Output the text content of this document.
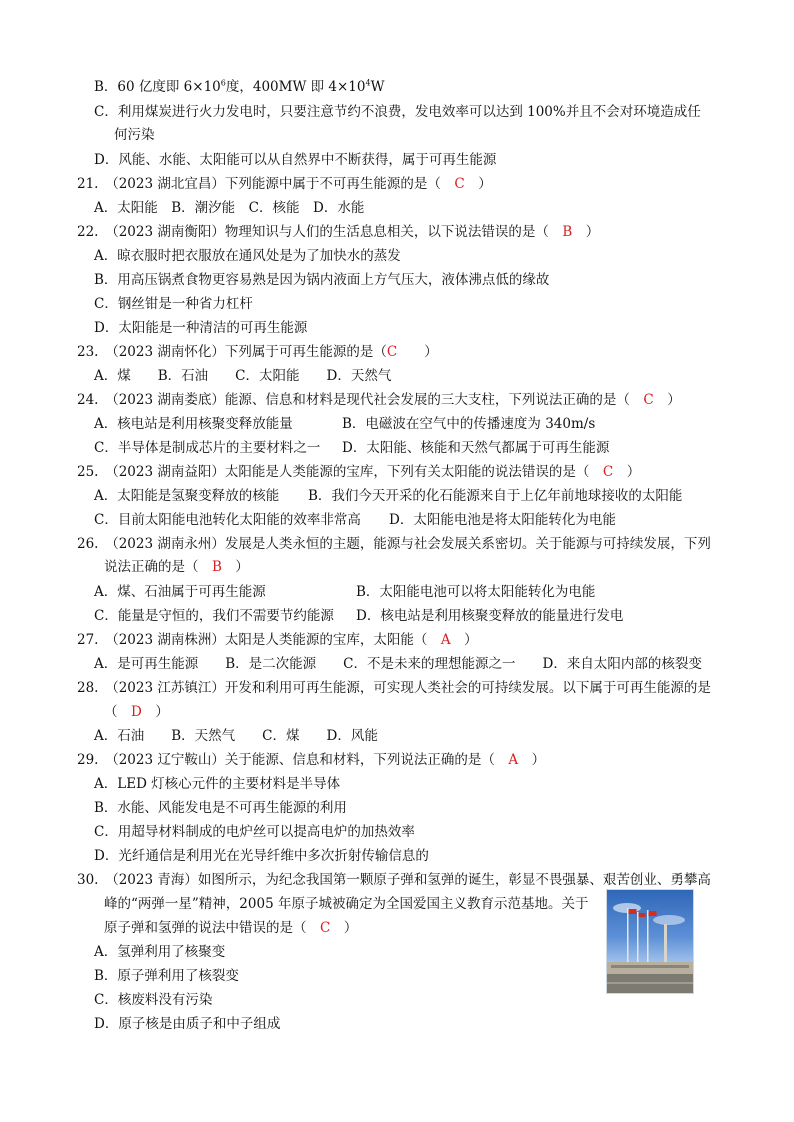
B．60 亿度即 $6\times 10^6$度，400MW 即 $4\times 10^4W$
C．利用煤炭进行火力发电时，只要注意节约不浪费，发电效率可以达到 100%并且不会对环境造成任
何污染
D．风能、水能、太阳能可以从自然界中不断获得，属于可再生能源
21.　（2023 湖北宜昌）下列能源中属于不可再生能源的是（　 C　 ）
A．太阳能　B．潮汐能　C．核能　D．水能
22.　（2023 湖南衡阳）物理知识与人们的生活息息相关，以下说法错误的是（　 B　 ）
A．晾衣服时把衣服放在通风处是为了加快水的蒸发
B．用高压锅煮食物更容易熟是因为锅内液面上方气压大，液体沸点低的缘故
C．钢丝钳是一种省力杠杆
D．太阳能是一种清洁的可再生能源
23.　（2023 湖南怀化）下列属于可再生能源的是（C　　 ）
A．煤　　B．石油　　C．太阳能　　D．天然气
24.　（2023 湖南娄底）能源、信息和材料是现代社会发展的三大支柱，下列说法正确的是（　 C　 ）
A．核电站是利用核聚变释放能量	B．电磁波在空气中的传播速度为 340m/s
C．半导体是制成芯片的主要材料之一 D．太阳能、核能和天然气都属于可再生能源
25.　（2023 湖南益阳）太阳能是人类能源的宝库，下列有关太阳能的说法错误的是（　 C　 ）
A．太阳能是氢聚变释放的核能 B．我们今天开采的化石能源来自于上亿年前地球接收的太阳能
C．目前太阳能电池转化太阳能的效率非常高 D．太阳能电池是将太阳能转化为电能
26.　（2023 湖南永州）发展是人类永恒的主题，能源与社会发展关系密切。关于能源与可持续发展，下列
说法正确的是（　 B　 ）
A．煤、石油属于可再生能源	B．太阳能电池可以将太阳能转化为电能
C．能量是守恒的，我们不需要节约能源 D．核电站是利用核聚变释放的能量进行发电
27.　（2023 湖南株洲）太阳是人类能源的宝库，太阳能（　 A　 ）
A．是可再生能源　　B．是二次能源　　C．不是未来的理想能源之一　　D．来自太阳内部的核裂变
28.　（2023 江苏镇江）开发和利用可再生能源，可实现人类社会的可持续发展。以下属于可再生能源的是
（　 D　 ）
A．石油　　B．天然气　　C．煤　　D．风能
29.　（2023 辽宁鞍山）关于能源、信息和材料，下列说法正确的是（　 A　 ）
A．LED 灯核心元件的主要材料是半导体
B．水能、风能发电是不可再生能源的利用
C．用超导材料制成的电炉丝可以提高电炉的加热效率
D．光纤通信是利用光在光导纤维中多次折射传输信息的
30.　（2023 青海）如图所示，为纪念我国第一颗原子弹和氢弹的诞生，彰显不畏强暴、艰苦创业、勇攀高
峰的“两弹一星”精神，2005 年原子城被确定为全国爱国主义教育示范基地。关于
原子弹和氢弹的说法中错误的是（　 C　 ）
A．氢弹利用了核聚变
B．原子弹利用了核裂变
C．核废料没有污染
D．原子核是由质子和中子组成
